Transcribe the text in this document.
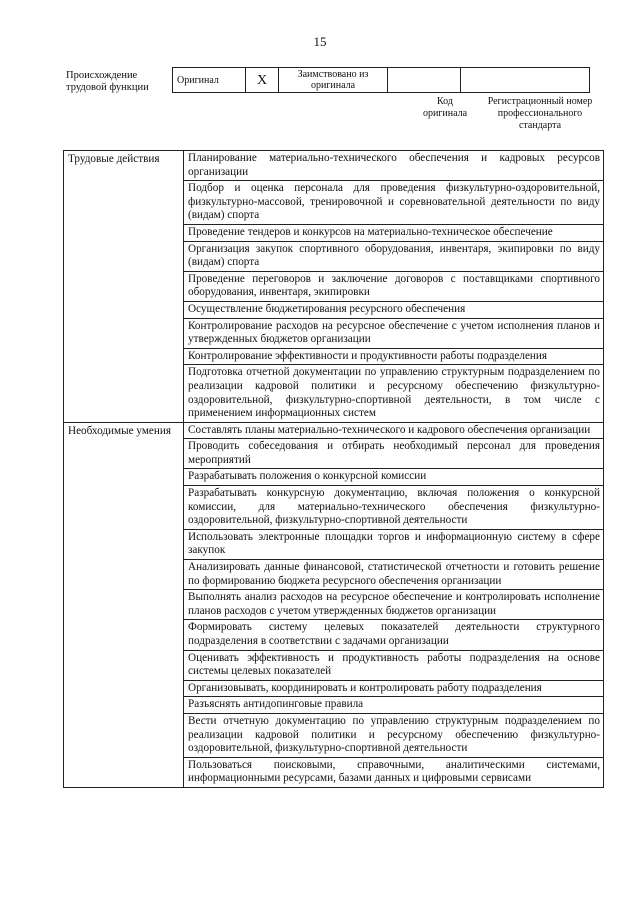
15
Происхождение трудовой функции
Оригинал	X	Заимствовано из оригинала		
Код оригинала
Регистрационный номер профессионального стандарта
Трудовые действия	Планирование материально-технического обеспечения и кадровых ресурсов организации
	Подбор и оценка персонала для проведения физкультурно-оздоровительной, физкультурно-массовой, тренировочной и соревновательной деятельности по виду (видам) спорта
	Проведение тендеров и конкурсов на материально-техническое обеспечение
	Организация закупок спортивного оборудования, инвентаря, экипировки по виду (видам) спорта
	Проведение переговоров и заключение договоров с поставщиками спортивного оборудования, инвентаря, экипировки
	Осуществление бюджетирования ресурсного обеспечения
	Контролирование расходов на ресурсное обеспечение с учетом исполнения планов и утвержденных бюджетов организации
	Контролирование эффективности и продуктивности работы подразделения
	Подготовка отчетной документации по управлению структурным подразделением по реализации кадровой политики и ресурсному обеспечению физкультурно-оздоровительной, физкультурно-спортивной деятельности, в том числе с применением информационных систем
Необходимые умения	Составлять планы материально-технического и кадрового обеспечения организации
	Проводить собеседования и отбирать необходимый персонал для проведения мероприятий
	Разрабатывать положения о конкурсной комиссии
	Разрабатывать конкурсную документацию, включая положения о конкурсной комиссии, для материально-технического обеспечения физкультурно-оздоровительной, физкультурно-спортивной деятельности
	Использовать электронные площадки торгов и информационную систему в сфере закупок
	Анализировать данные финансовой, статистической отчетности и готовить решение по формированию бюджета ресурсного обеспечения организации
	Выполнять анализ расходов на ресурсное обеспечение и контролировать исполнение планов расходов с учетом утвержденных бюджетов организации
	Формировать систему целевых показателей деятельности структурного подразделения в соответствии с задачами организации
	Оценивать эффективность и продуктивность работы подразделения на основе системы целевых показателей
	Организовывать, координировать и контролировать работу подразделения
	Разъяснять антидопинговые правила
	Вести отчетную документацию по управлению структурным подразделением по реализации кадровой политики и ресурсному обеспечению физкультурно-оздоровительной, физкультурно-спортивной деятельности
	Пользоваться поисковыми, справочными, аналитическими системами, информационными ресурсами, базами данных и цифровыми сервисами
